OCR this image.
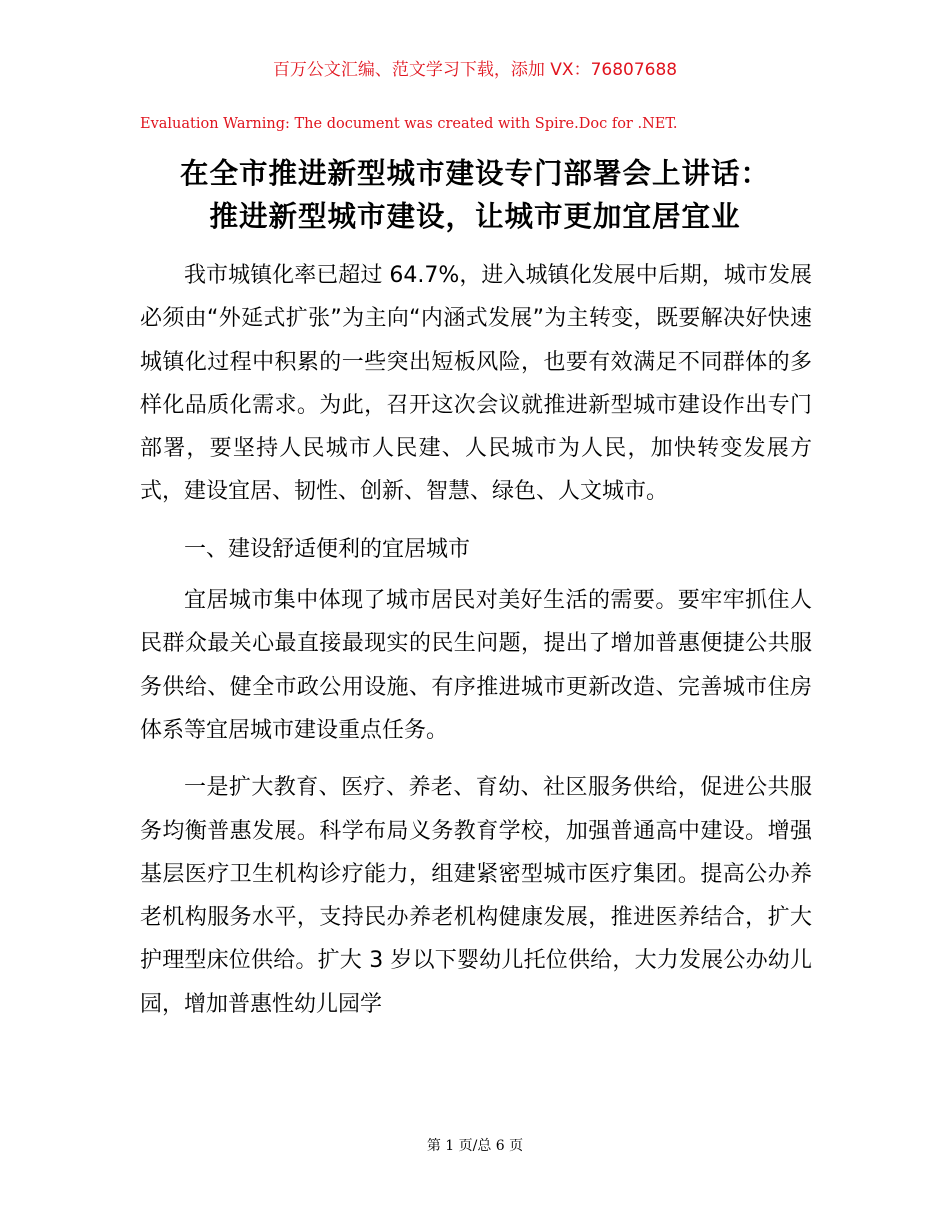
百万公文汇编、范文学习下载，添加 VX：76807688
Evaluation Warning: The document was created with Spire.Doc for .NET.
在全市推进新型城市建设专门部署会上讲话：
推进新型城市建设，让城市更加宜居宜业

我市城镇化率已超过 64.7%，进入城镇化发展中后期，城市发展必须由“外延式扩张”为主向“内涵式发展”为主转变，既要解决好快速城镇化过程中积累的一些突出短板风险，也要有效满足不同群体的多样化品质化需求。为此，召开这次会议就推进新型城市建设作出专门部署，要坚持人民城市人民建、人民城市为人民，加快转变发展方式，建设宜居、韧性、创新、智慧、绿色、人文城市。

一、建设舒适便利的宜居城市

宜居城市集中体现了城市居民对美好生活的需要。要牢牢抓住人民群众最关心最直接最现实的民生问题，提出了增加普惠便捷公共服务供给、健全市政公用设施、有序推进城市更新改造、完善城市住房体系等宜居城市建设重点任务。

一是扩大教育、医疗、养老、育幼、社区服务供给，促进公共服务均衡普惠发展。科学布局义务教育学校，加强普通高中建设。增强基层医疗卫生机构诊疗能力，组建紧密型城市医疗集团。提高公办养老机构服务水平，支持民办养老机构健康发展，推进医养结合，扩大护理型床位供给。扩大 3 岁以下婴幼儿托位供给，大力发展公办幼儿园，增加普惠性幼儿园学

第 1 页/总 6 页
